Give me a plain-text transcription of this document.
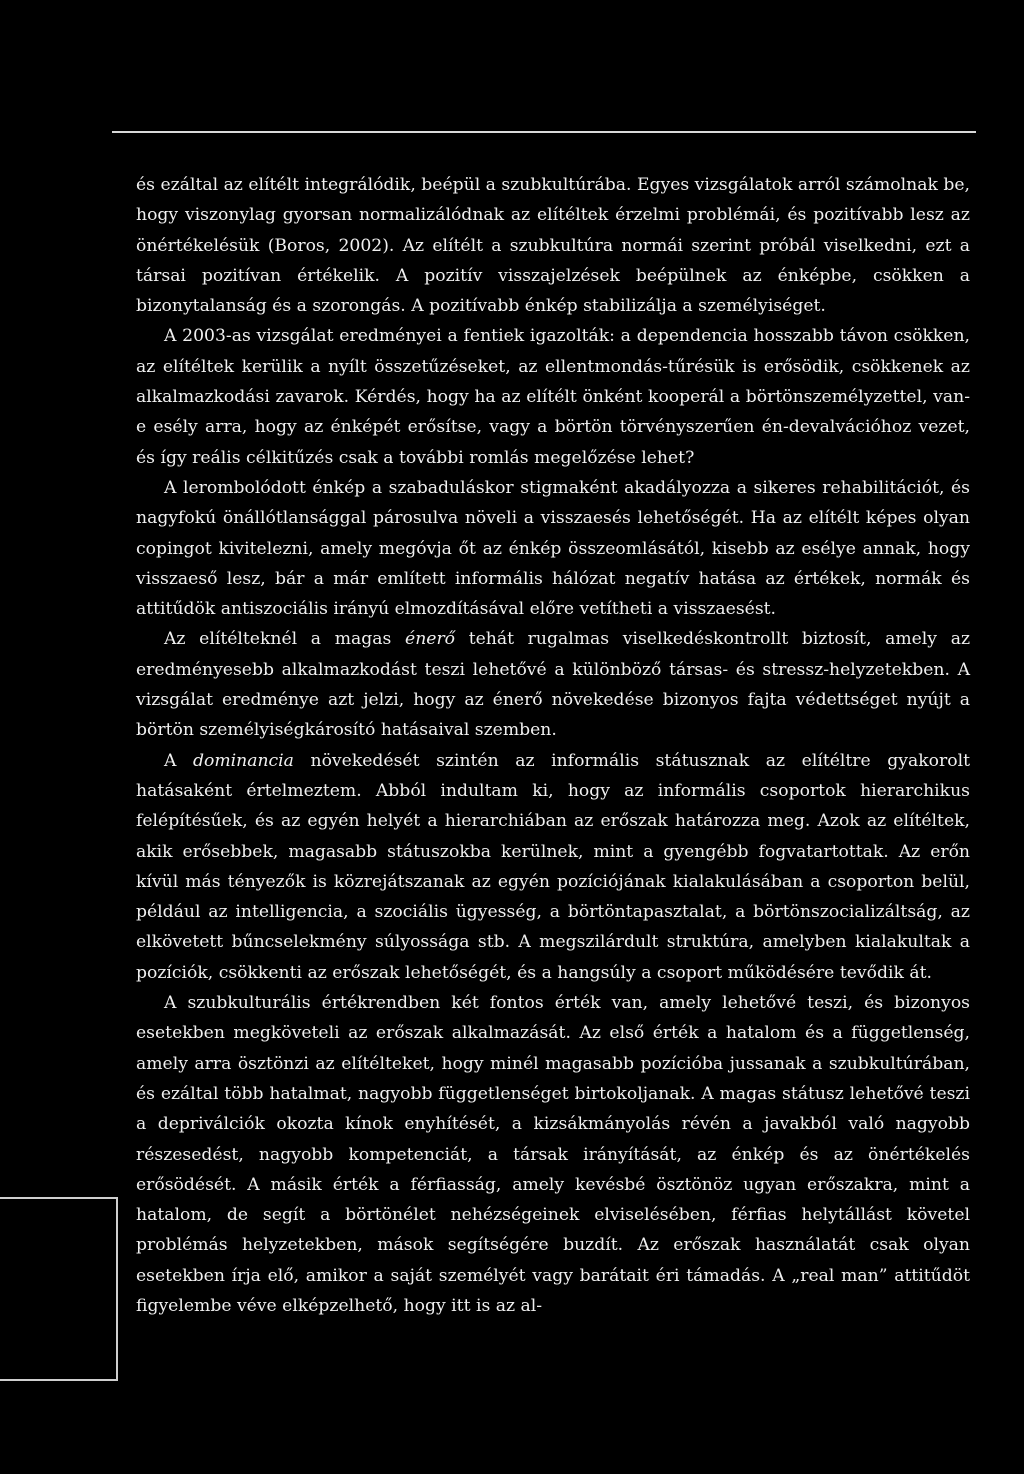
és ezáltal az elítélt integrálódik, beépül a szubkultúrába. Egyes vizsgálatok arról számolnak be, hogy viszonylag gyorsan normalizálódnak az elítéltek érzelmi problémái, és pozitívabb lesz az önértékelésük (Boros, 2002). Az elítélt a szubkultúra normái szerint próbál viselkedni, ezt a társai pozitívan értékelik. A pozitív visszajelzések beépülnek az énképbe, csökken a bizonytalanság és a szorongás. A pozitívabb énkép stabilizálja a személyiséget.

A 2003-as vizsgálat eredményei a fentiek igazolták: a dependencia hosszabb távon csökken, az elítéltek kerülik a nyílt összetűzéseket, az ellentmondás-tűrésük is erősödik, csökkenek az alkalmazkodási zavarok. Kérdés, hogy ha az elítélt önként kooperál a börtönszemélyzettel, van-e esély arra, hogy az énképét erősítse, vagy a börtön törvényszerűen én-devalvációhoz vezet, és így reális célkitűzés csak a további romlás megelőzése lehet?

A lerombolódott énkép a szabaduláskor stigmaként akadályozza a sikeres rehabilitációt, és nagyfokú önállótlansággal párosulva növeli a visszaesés lehetőségét. Ha az elítélt képes olyan copingot kivitelezni, amely megóvja őt az énkép összeomlásától, kisebb az esélye annak, hogy visszaeső lesz, bár a már említett informális hálózat negatív hatása az értékek, normák és attitűdök antiszociális irányú elmozdításával előre vetítheti a visszaesést.

Az elítélteknél a magas énerő tehát rugalmas viselkedéskontrollt biztosít, amely az eredményesebb alkalmazkodást teszi lehetővé a különböző társas- és stressz-helyzetekben. A vizsgálat eredménye azt jelzi, hogy az énerő növekedése bizonyos fajta védettséget nyújt a börtön személyiségkárosító hatásaival szemben.

A dominancia növekedését szintén az informális státusznak az elítéltre gyakorolt hatásaként értelmeztem. Abból indultam ki, hogy az informális csoportok hierarchikus felépítésűek, és az egyén helyét a hierarchiában az erőszak határozza meg. Azok az elítéltek, akik erősebbek, magasabb státuszokba kerülnek, mint a gyengébb fogvatartottak. Az erőn kívül más tényezők is közrejátszanak az egyén pozíciójának kialakulásában a csoporton belül, például az intelligencia, a szociális ügyesség, a börtöntapasztalat, a börtönszocializáltság, az elkövetett bűncselekmény súlyossága stb. A megszilárdult struktúra, amelyben kialakultak a pozíciók, csökkenti az erőszak lehetőségét, és a hangsúly a csoport működésére tevődik át.

A szubkulturális értékrendben két fontos érték van, amely lehetővé teszi, és bizonyos esetekben megköveteli az erőszak alkalmazását. Az első érték a hatalom és a függetlenség, amely arra ösztönzi az elítélteket, hogy minél magasabb pozícióba jussanak a szubkultúrában, és ezáltal több hatalmat, nagyobb függetlenséget birtokoljanak. A magas státusz lehetővé teszi a depriválciók okozta kínok enyhítését, a kizsákmányolás révén a javakból való nagyobb részesedést, nagyobb kompetenciát, a társak irányítását, az énkép és az önértékelés erősödését. A másik érték a férfiasság, amely kevésbé ösztönöz ugyan erőszakra, mint a hatalom, de segít a börtönélet nehézségeinek elviselésében, férfias helytállást követel problémás helyzetekben, mások segítségére buzdít. Az erőszak használatát csak olyan esetekben írja elő, amikor a saját személyét vagy barátait éri támadás. A „real man” attitűdöt figyelembe véve elképzelhető, hogy itt is az al-
